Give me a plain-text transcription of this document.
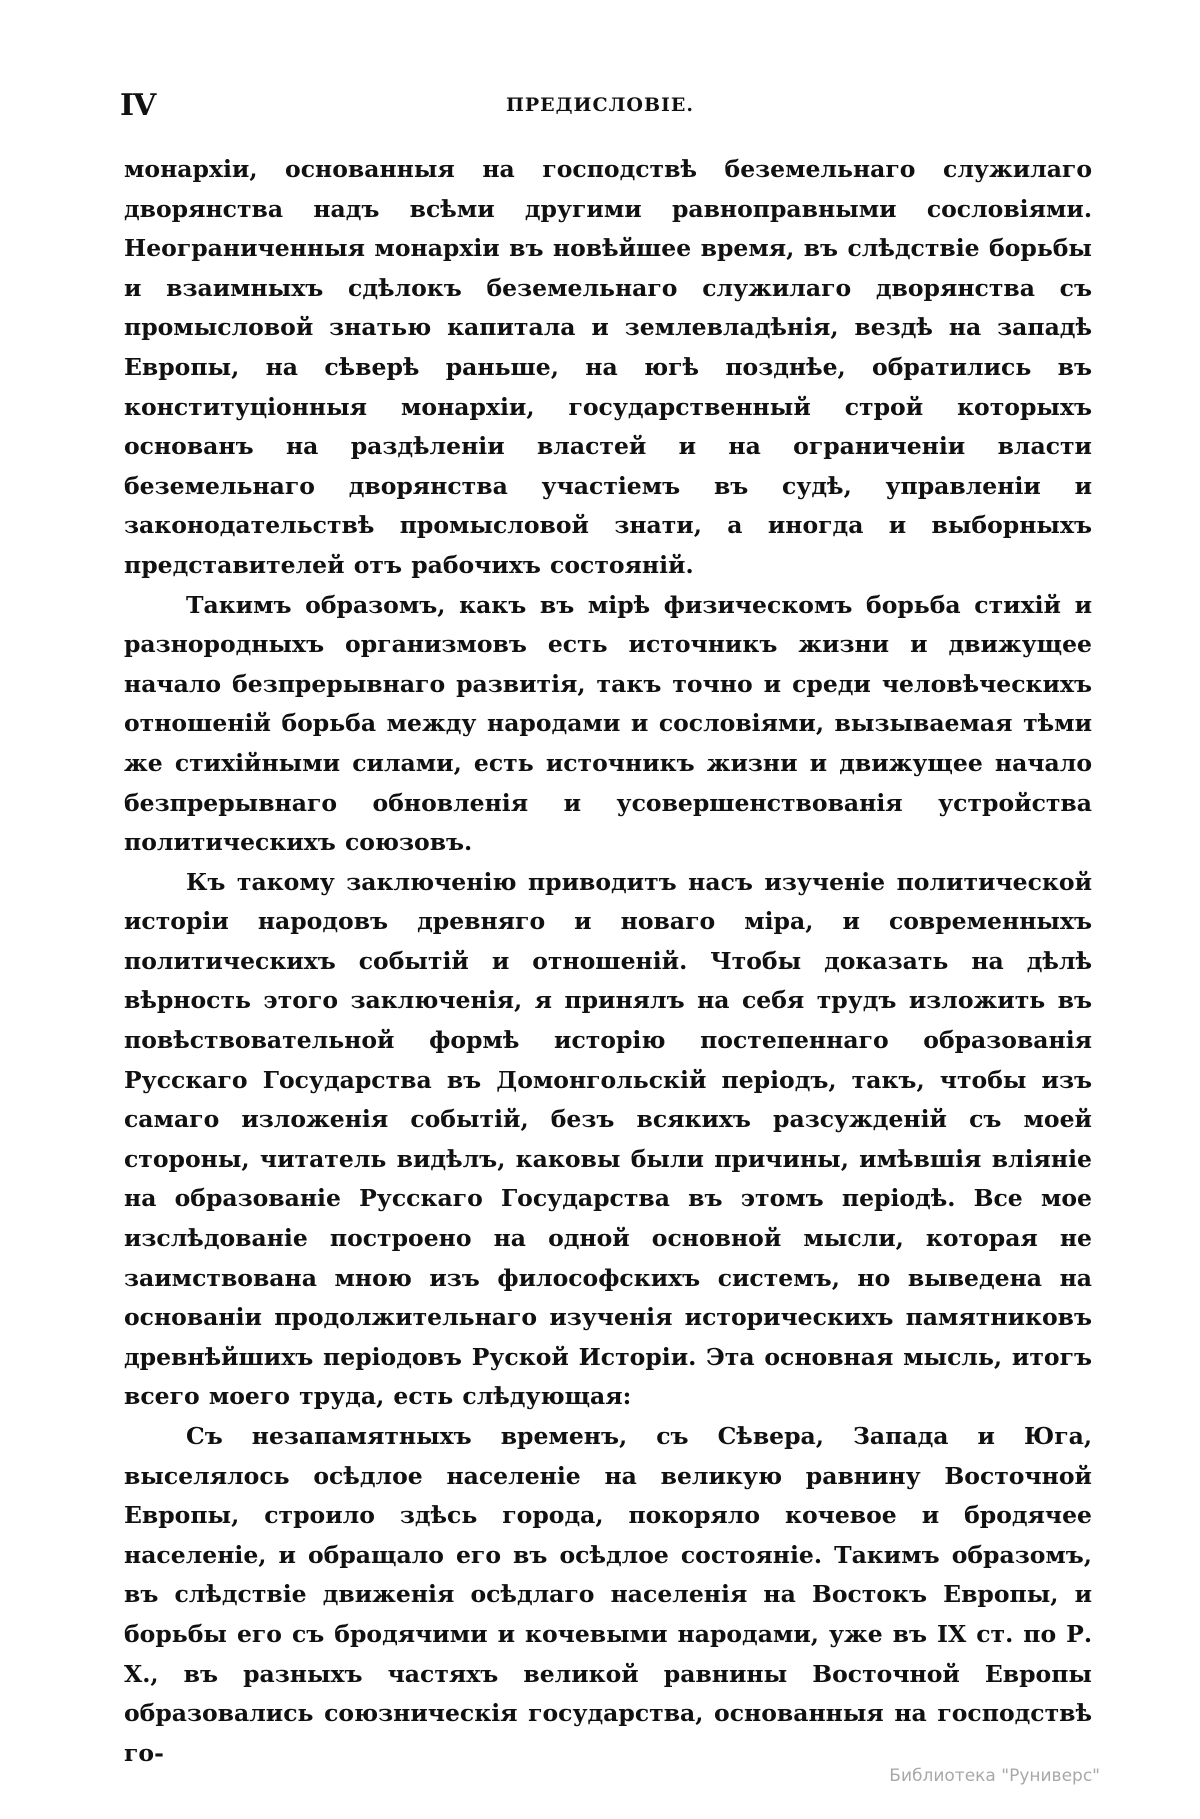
IV	ПРЕДИСЛОВIЕ.

монархiи, основанныя на господствѣ беземельнаго служилаго дворянства надъ всѣми другими равноправными сословiями. Неограниченныя монархiи въ новѣйшее время, въ слѣдствiе борьбы и взаимныхъ сдѣлокъ беземельнаго служилаго дворянства съ промысловой знатью капитала и землевладѣнiя, вездѣ на западѣ Европы, на сѣверѣ раньше, на югѣ позднѣе, обратились въ конституцiонныя монархiи, государственный строй которыхъ основанъ на раздѣленiи властей и на ограниченiи власти беземельнаго дворянства участiемъ въ судѣ, управленiи и законодательствѣ промысловой знати, а иногда и выборныхъ представителей отъ рабочихъ состоянiй.

Такимъ образомъ, какъ въ мiрѣ физическомъ борьба стихiй и разнородныхъ организмовъ есть источникъ жизни и движущее начало безпрерывнаго развитiя, такъ точно и среди человѣческихъ отношенiй борьба между народами и сословiями, вызываемая тѣми же стихiйными силами, есть источникъ жизни и движущее начало безпрерывнаго обновленiя и усовершенствованiя устройства политическихъ союзовъ.

Къ такому заключенiю приводитъ насъ изученiе политической исторiи народовъ древняго и новаго мiра, и современныхъ политическихъ событiй и отношенiй. Чтобы доказать на дѣлѣ вѣрность этого заключенiя, я принялъ на себя трудъ изложить въ повѣствовательной формѣ исторiю постепеннаго образованiя Русскаго Государства въ Домонгольскiй перiодъ, такъ, чтобы изъ самаго изложенiя событiй, безъ всякихъ разсужденiй съ моей стороны, читатель видѣлъ, каковы были причины, имѣвшiя влiянiе на образованiе Русскаго Государства въ этомъ перiодѣ. Все мое изслѣдованiе построено на одной основной мысли, которая не заимствована мною изъ философскихъ системъ, но выведена на основанiи продолжительнаго изученiя историческихъ памятниковъ древнѣйшихъ перiодовъ Руской Исторiи. Эта основная мысль, итогъ всего моего труда, есть слѣдующая:

Съ незапамятныхъ временъ, съ Сѣвера, Запада и Юга, выселялось осѣдлое населенiе на великую равнину Восточной Европы, строило здѣсь города, покоряло кочевое и бродячее населенiе, и обращало его въ осѣдлое состоянiе. Такимъ образомъ, въ слѣдствiе движенiя осѣдлаго населенiя на Востокъ Европы, и борьбы его съ бродячими и кочевыми народами, уже въ IX ст. по Р. Х., въ разныхъ частяхъ великой равнины Восточной Европы образовались союзническiя государства, основанныя на господствѣ го-

Библиотека "Руниверс"
